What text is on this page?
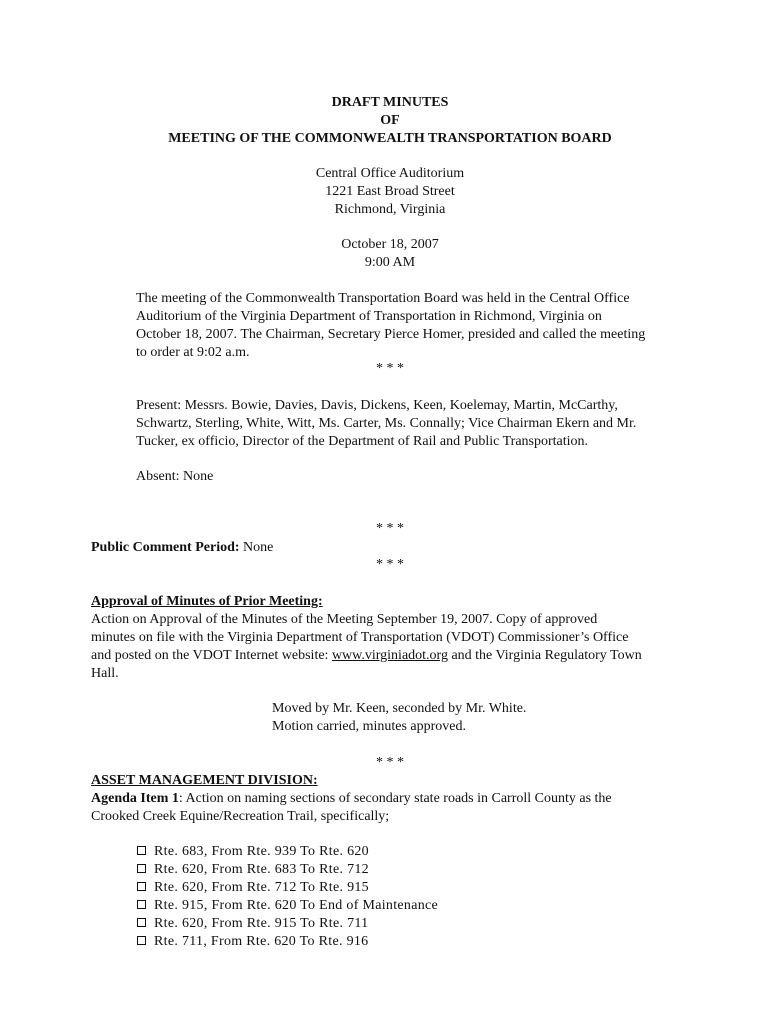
DRAFT MINUTES
OF
MEETING OF THE COMMONWEALTH TRANSPORTATION BOARD
Central Office Auditorium
1221 East Broad Street
Richmond, Virginia
October 18, 2007
9:00 AM
The meeting of the Commonwealth Transportation Board was held in the Central Office
Auditorium of the Virginia Department of Transportation in Richmond, Virginia on
October 18, 2007. The Chairman, Secretary Pierce Homer, presided and called the meeting
to order at 9:02 a.m.
* * *
Present: Messrs. Bowie, Davies, Davis, Dickens, Keen, Koelemay, Martin, McCarthy,
Schwartz, Sterling, White, Witt, Ms. Carter, Ms. Connally; Vice Chairman Ekern and Mr.
Tucker, ex officio, Director of the Department of Rail and Public Transportation.
Absent: None
* * *
Public Comment Period: None
* * *
Approval of Minutes of Prior Meeting:
Action on Approval of the Minutes of the Meeting September 19, 2007. Copy of approved
minutes on file with the Virginia Department of Transportation (VDOT) Commissioner’s Office
and posted on the VDOT Internet website: www.virginiadot.org and the Virginia Regulatory Town
Hall.
Moved by Mr. Keen, seconded by Mr. White.
Motion carried, minutes approved.
* * *
ASSET MANAGEMENT DIVISION:
Agenda Item 1: Action on naming sections of secondary state roads in Carroll County as the
Crooked Creek Equine/Recreation Trail, specifically;
Rte. 683, From Rte. 939 To Rte. 620
Rte. 620, From Rte. 683 To Rte. 712
Rte. 620, From Rte. 712 To Rte. 915
Rte. 915, From Rte. 620 To End of Maintenance
Rte. 620, From Rte. 915 To Rte. 711
Rte. 711, From Rte. 620 To Rte. 916
